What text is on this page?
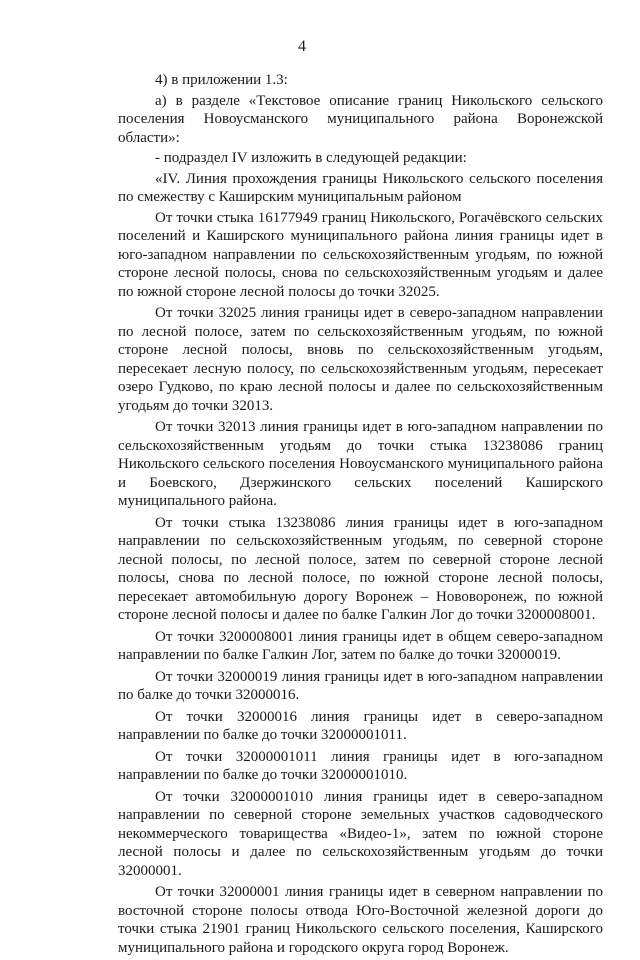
4

4) в приложении 1.3:

а) в разделе «Текстовое описание границ Никольского сельского поселения Новоусманского муниципального района Воронежской области»:

- подраздел IV изложить в следующей редакции:

«IV. Линия прохождения границы Никольского сельского поселения по смежеству с Каширским муниципальным районом

От точки стыка 16177949 границ Никольского, Рогачёвского сельских поселений и Каширского муниципального района линия границы идет в юго-западном направлении по сельскохозяйственным угодьям, по южной стороне лесной полосы, снова по сельскохозяйственным угодьям и далее по южной стороне лесной полосы до точки 32025.

От точки 32025 линия границы идет в северо-западном направлении по лесной полосе, затем по сельскохозяйственным угодьям, по южной стороне лесной полосы, вновь по сельскохозяйственным угодьям, пересекает лесную полосу, по сельскохозяйственным угодьям, пересекает озеро Гудково, по краю лесной полосы и далее по сельскохозяйственным угодьям до точки 32013.

От точки 32013 линия границы идет в юго-западном направлении по сельскохозяйственным угодьям до точки стыка 13238086 границ Никольского сельского поселения Новоусманского муниципального района и Боевского, Дзержинского сельских поселений Каширского муниципального района.

От точки стыка 13238086 линия границы идет в юго-западном направлении по сельскохозяйственным угодьям, по северной стороне лесной полосы, по лесной полосе, затем по северной стороне лесной полосы, снова по лесной полосе, по южной стороне лесной полосы, пересекает автомобильную дорогу Воронеж – Нововоронеж, по южной стороне лесной полосы и далее по балке Галкин Лог до точки 3200008001.

От точки 3200008001 линия границы идет в общем северо-западном направлении по балке Галкин Лог, затем по балке до точки 32000019.

От точки 32000019 линия границы идет в юго-западном направлении по балке до точки 32000016.

От точки 32000016 линия границы идет в северо-западном направлении по балке до точки 32000001011.

От точки 32000001011 линия границы идет в юго-западном направлении по балке до точки 32000001010.

От точки 32000001010 линия границы идет в северо-западном направлении по северной стороне земельных участков садоводческого некоммерческого товарищества «Видео-1», затем по южной стороне лесной полосы и далее по сельскохозяйственным угодьям до точки 32000001.

От точки 32000001 линия границы идет в северном направлении по восточной стороне полосы отвода Юго-Восточной железной дороги до точки стыка 21901 границ Никольского сельского поселения, Каширского муниципального района и городского округа город Воронеж.
